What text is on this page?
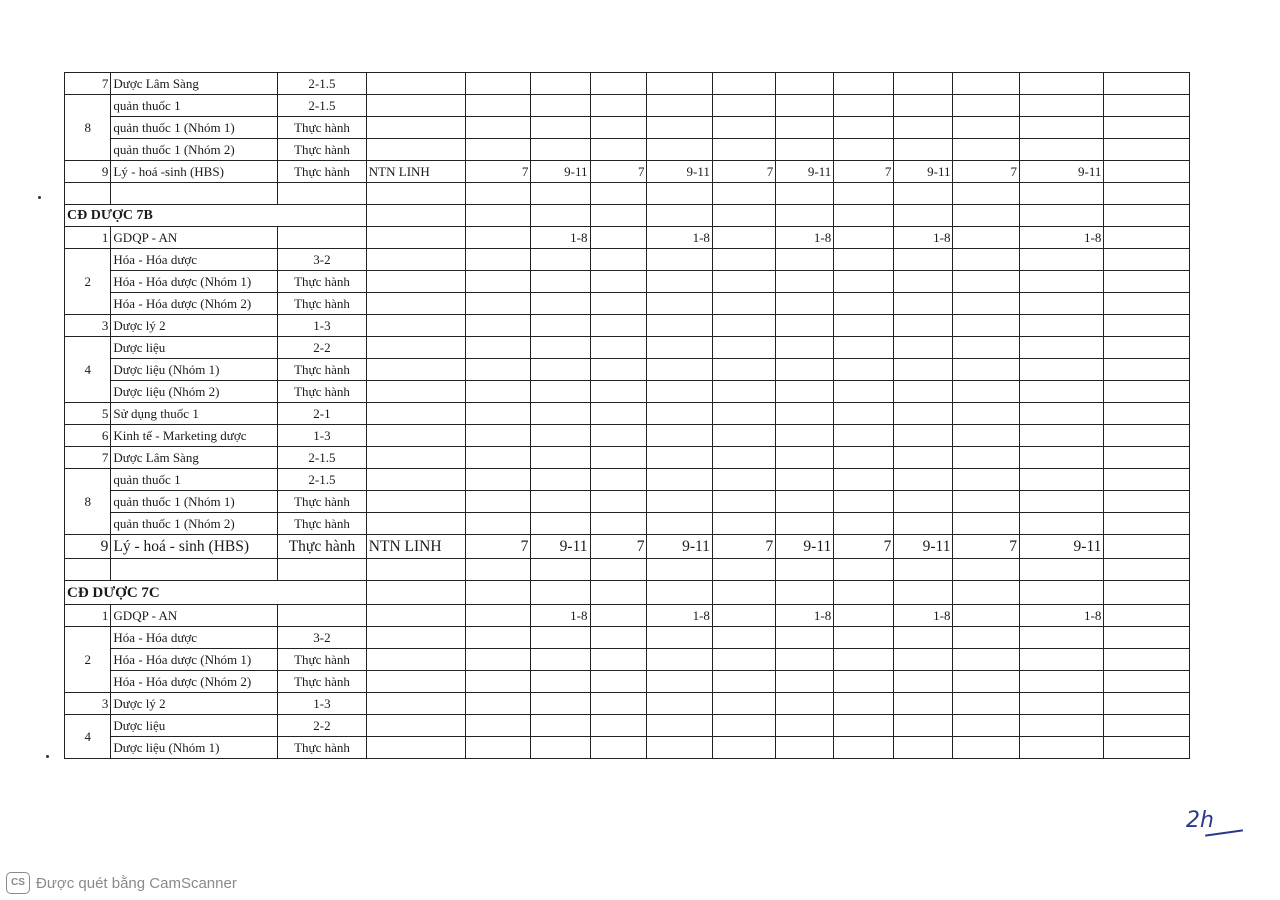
7	Dược Lâm Sàng	2-1.5												
8	quản thuốc 1	2-1.5												
	quản thuốc 1 (Nhóm 1)	Thực hành												
	quản thuốc 1 (Nhóm 2)	Thực hành												
9	Lý - hoá -sinh (HBS)	Thực hành	NTN LINH	7	9-11	7	9-11	7	9-11	7	9-11	7	9-11	

CĐ DƯỢC 7B														
1	GDQP - AN				1-8		1-8		1-8		1-8		1-8	
2	Hóa - Hóa dược	3-2												
	Hóa - Hóa dược (Nhóm 1)	Thực hành												
	Hóa - Hóa dược (Nhóm 2)	Thực hành												
3	Dược lý 2	1-3												
4	Dược liệu	2-2												
	Dược liệu (Nhóm 1)	Thực hành												
	Dược liệu (Nhóm 2)	Thực hành												
5	Sử dụng thuốc 1	2-1												
6	Kinh tế - Marketing dược	1-3												
7	Dược Lâm Sàng	2-1.5												
8	quản thuốc 1	2-1.5												
	quản thuốc 1 (Nhóm 1)	Thực hành												
	quản thuốc 1 (Nhóm 2)	Thực hành												
9	Lý - hoá - sinh (HBS)	Thực hành	NTN LINH	7	9-11	7	9-11	7	9-11	7	9-11	7	9-11	

CĐ DƯỢC 7C														
1	GDQP - AN				1-8		1-8		1-8		1-8		1-8	
2	Hóa - Hóa dược	3-2												
	Hóa - Hóa dược (Nhóm 1)	Thực hành												
	Hóa - Hóa dược (Nhóm 2)	Thực hành												
3	Dược lý 2	1-3												
4	Dược liệu	2-2												
	Dược liệu (Nhóm 1)	Thực hành												
2h
CS Được quét bằng CamScanner
